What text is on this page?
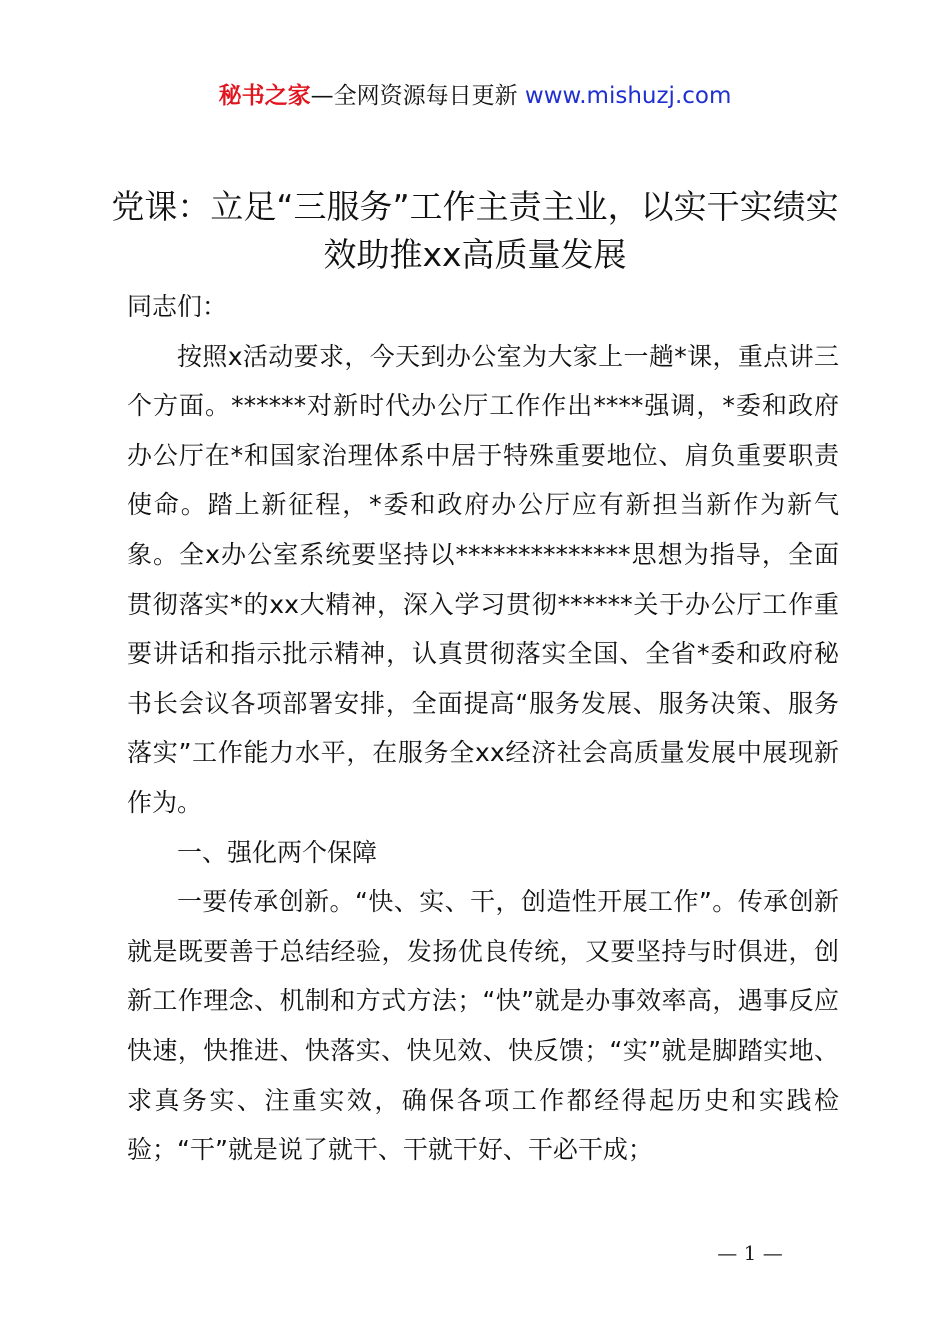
秘书之家—全网资源每日更新 www.mishuzj.com
党课：立足“三服务”工作主责主业，以实干实绩实效助推xx高质量发展

同志们：

按照x活动要求，今天到办公室为大家上一趟*课，重点讲三个方面。******对新时代办公厅工作作出****强调，*委和政府办公厅在*和国家治理体系中居于特殊重要地位、肩负重要职责使命。踏上新征程，*委和政府办公厅应有新担当新作为新气象。全x办公室系统要坚持以**************思想为指导，全面贯彻落实*的xx大精神，深入学习贯彻******关于办公厅工作重要讲话和指示批示精神，认真贯彻落实全国、全省*委和政府秘书长会议各项部署安排，全面提高“服务发展、服务决策、服务落实”工作能力水平，在服务全xx经济社会高质量发展中展现新作为。

一、强化两个保障

一要传承创新。“快、实、干，创造性开展工作”。传承创新就是既要善于总结经验，发扬优良传统，又要坚持与时俱进，创新工作理念、机制和方式方法；“快”就是办事效率高，遇事反应快速，快推进、快落实、快见效、快反馈；“实”就是脚踏实地、求真务实、注重实效，确保各项工作都经得起历史和实践检验；“干”就是说了就干、干就干好、干必干成；

— 1 —
